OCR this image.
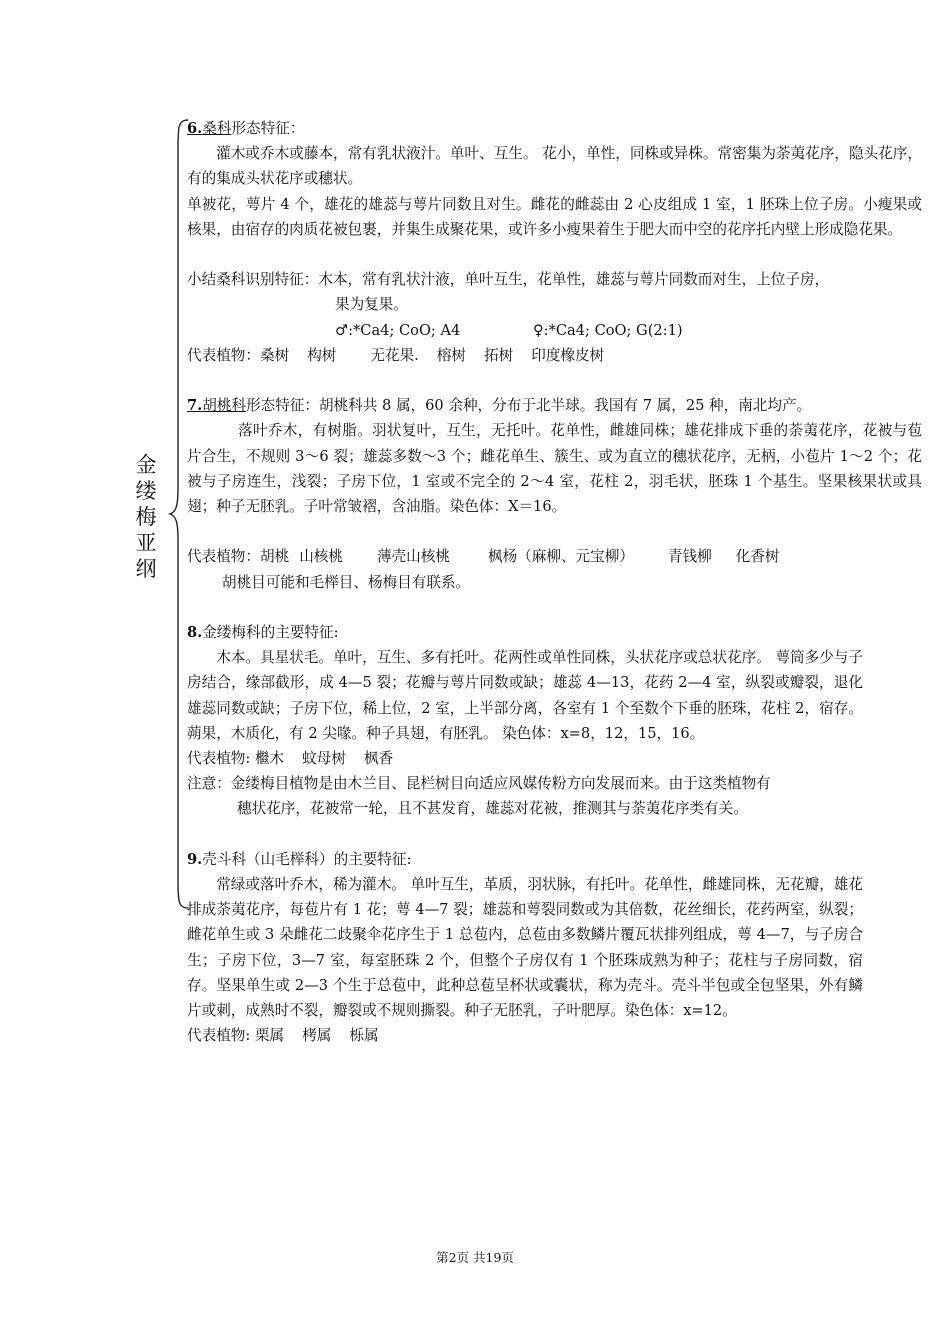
金
缕
梅
亚
纲

6.桑科形态特征：

灌木或乔木或藤本，常有乳状液汁。单叶、互生。 花小，单性，同株或异株。常密集为荼荑花序，隐头花序，有的集成头状花序或穗状。

单被花，萼片 4 个，雄花的雄蕊与萼片同数且对生。雌花的雌蕊由 2 心皮组成 1 室，1 胚珠上位子房。小瘦果或核果，由宿存的肉质花被包裹，并集生成聚花果，或许多小瘦果着生于肥大而中空的花序托内壁上形成隐花果。

小结桑科识别特征：木本，常有乳状汁液，单叶互生，花单性，雄蕊与萼片同数而对生，上位子房，

果为复果。

♂:*Ca4; CoO; A4	♀:*Ca4; CoO; G(2:1)

代表植物：桑树 构树 无花果. 榕树 拓树 印度橡皮树

7.胡桃科形态特征：胡桃科共 8 属，60 余种，分布于北半球。我国有 7 属，25 种，南北均产。

落叶乔木，有树脂。羽状复叶，互生，无托叶。花单性，雌雄同株；雄花排成下垂的荼荑花序，花被与苞片合生，不规则 3～6 裂；雄蕊多数～3 个；雌花单生、簇生、或为直立的穗状花序，无柄，小苞片 1～2 个；花被与子房连生，浅裂；子房下位，1 室或不完全的 2～4 室，花柱 2，羽毛状，胚珠 1 个基生。坚果核果状或具翅；种子无胚乳。子叶常皱褶，含油脂。染色体：X＝16。

代表植物：胡桃 山核桃 薄壳山核桃	枫杨（麻柳、元宝柳） 青钱柳 化香树

胡桃目可能和毛榉目、杨梅目有联系。

8.金缕梅科的主要特征:

木本。具星状毛。单叶，互生、多有托叶。花两性或单性同株，头状花序或总状花序。 萼筒多少与子房结合，缘部截形，成 4—5 裂；花瓣与萼片同数或缺；雄蕊 4—13，花药 2—4 室，纵裂或瓣裂，退化雄蕊同数或缺；子房下位，稀上位，2 室，上半部分离，各室有 1 个至数个下垂的胚珠，花柱 2，宿存。蒴果，木质化，有 2 尖喙。种子具翅，有胚乳。 染色体：x=8，12，15，16。

代表植物: 檵木 蚊母树 枫香

注意：金缕梅目植物是由木兰目、昆栏树目向适应风媒传粉方向发展而来。由于这类植物有

穗状花序，花被常一轮，且不甚发育，雄蕊对花被，推测其与荼荑花序类有关。

9.壳斗科（山毛榉科）的主要特征:

常绿或落叶乔木，稀为灌木。 单叶互生，革质，羽状脉，有托叶。花单性，雌雄同株，无花瓣，雄花排成荼荑花序，每苞片有 1 花；萼 4—7 裂；雄蕊和萼裂同数或为其倍数，花丝细长，花药两室，纵裂；雌花单生或 3 朵雌花二歧聚伞花序生于 1 总苞内，总苞由多数鳞片覆瓦状排列组成，萼 4—7，与子房合生；子房下位，3—7 室，每室胚珠 2 个，但整个子房仅有 1 个胚珠成熟为种子；花柱与子房同数，宿存。坚果单生或 2—3 个生于总苞中，此种总苞呈杯状或囊状，称为壳斗。壳斗半包或全包坚果，外有鳞片或刺，成熟时不裂，瓣裂或不规则撕裂。种子无胚乳，子叶肥厚。染色体：x=12。

代表植物: 栗属 栲属 栎属

第2页 共19页
